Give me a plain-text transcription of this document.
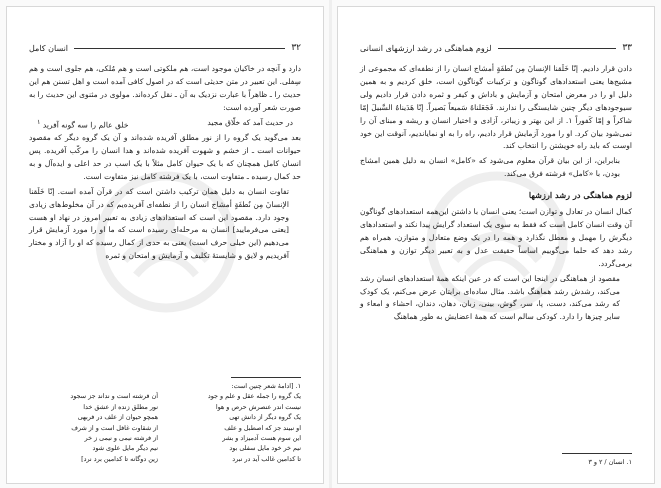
۳۲
انسان کامل

دارد و آنچه در خاکیان موجود است، هم ملکوتی است و هم مُلکی، هم جلوی است و هم سِفلی. این تعبیر در متن حدیثی است که در اصول کافی آمده است و اهل تسنن هم این حدیث را ـ ظاهراً با عبارت نزدیک به آن ـ نقل کرده‌اند. مولوی در مثنوی این حدیث را به صورت شعر آورده است:

در حدیث آمد که خلّاق مجید
خلق عالم را سه گونه آفرید $^۱$

بعد می‌گوید یک گروه را از نور مطلق آفریده شده‌اند و آن یک گروه دیگر که مقصود حیوانات است ـ از خشم و شهوت آفریده شده‌اند و هدا انسان را مرکّب آفریده. پس انسان کامل همچنان که با یک حیوان کامل مثلاً با یک اسب در حد اعلی و ایده‌آل و به حد کمال رسیده ـ متفاوت است، با یک فرشته کامل نیز متفاوت است.

تفاوت انسان به دلیل همان ترکیب داشتن است که در قرآن آمده است. إنّا خَلَقنا الإنسانَ مِن نُطفَةٍ أمشاج انسان را از نطفه‌ای آفریده‌یم که در آن مخلوط‌های زیادی وجود دارد. مقصود این است که استعدادهای زیادی به تعبیر امروز در نهاد او هست [یعنی می‌فرمایید] انسان به مرحله‌ای رسیده است که ما او را مورد آزمایش قرار می‌دهیم (این خیلی حرف است) یعنی به حدی از کمال رسیده که او را آزاد و مختار آفریدیم و لایق و شایستهٔ تکلیف و آزمایش و امتحان و ثمره

۱. [ادامهٔ شعر چنین است:
یک گروه را جمله عقل و علم و جود
آن فرشته است و نداند جز سجود
نیست اندر عنصرش حرص و هوا
نور مطلق زنده از عشق خدا
یک گروه دیگر از دانش تهی
همچو حیوان از علف در فربهی
او نبیند جز که اصطبل و علف
از شقاوت غافل است و از شرف
این سوم هست آدمیزاد و بشر
از فرشته نیمی و نیمی ز خر
نیم خر خود مایل سفلی بود
نیم دیگر مایل علوی شود
تا کدامین غالب آید در نبرد
زین دوگانه تا کدامین برد نرد]
لزوم هماهنگی در رشد ارزشهای انسانی	۳۳

دادن قرار دادیم. إنّا خَلَقنا الإنسانَ مِن نُطفَةٍ أمشاج انسان را از نطفه‌ای که مجموعی از مشیج‌ها یعنی استعدادهای گوناگون و ترکیبات گوناگون است، خلق کردیم و به همین دلیل او را در معرض امتحان و آزمایش و باداش و کیفر و ثمره دادن قرار دادیم ولی سیوجودهای دیگر چنین شایستگی را ندارند. فَجَعَلناهُ سَميعاً بَصيراً. إنّا هَدَيناهُ السَّبيلَ إمّا شاكراً و إمّا كَفوراً ۱. از این بهتر و زیباتر، آزادی و اختیار انسان و ریشه و مبنای آن را نمی‌شود بیان کرد. او را مورد آزمایش قرار دادیم، راه را به او نمایاندیم، آنوقت این خود اوست که باید راه خویشتن را انتخاب کند.

بنابراین، از این بیان قرآن معلوم می‌شود که «کامل» انسان به دلیل همین امشاج بودن، با «کامل» فرشته فرق می‌کند.

لزوم هماهنگی در رشد ارزشها

کمال انسان در تعادل و توازن است؛ یعنی انسان با داشتن این‌همه استعدادهای گوناگون آن وقت انسان کامل است که فقط به سوی یک استعداد گرایش پیدا نکند و استعدادهای دیگرش را مهمل و معطل نگذارد و همه را در یک وضع متعادل و متوازن، همراه هم رشد دهد که حلما می‌گوییم اساساً حقیقت عدل و به تعبیر دیگر توازن و هماهنگی برمی‌گردد.

مقصود از هماهنگی در اینجا این است که در عین اینکه همهٔ استعدادهای انسان رشد می‌کند، رشدش رشد هماهنگ باشد. مثال ساده‌ای برایتان عرض می‌کنم، یک کودک که رشد می‌کند، دست، پا، سر، گوش، بینی، زبان، دهان، دندان، احشاء و امعاء و سایر چیزها را دارد. کودکی سالم است که همهٔ اعضایش به طور هماهنگ

۱. انسان / ۲ و ۳
